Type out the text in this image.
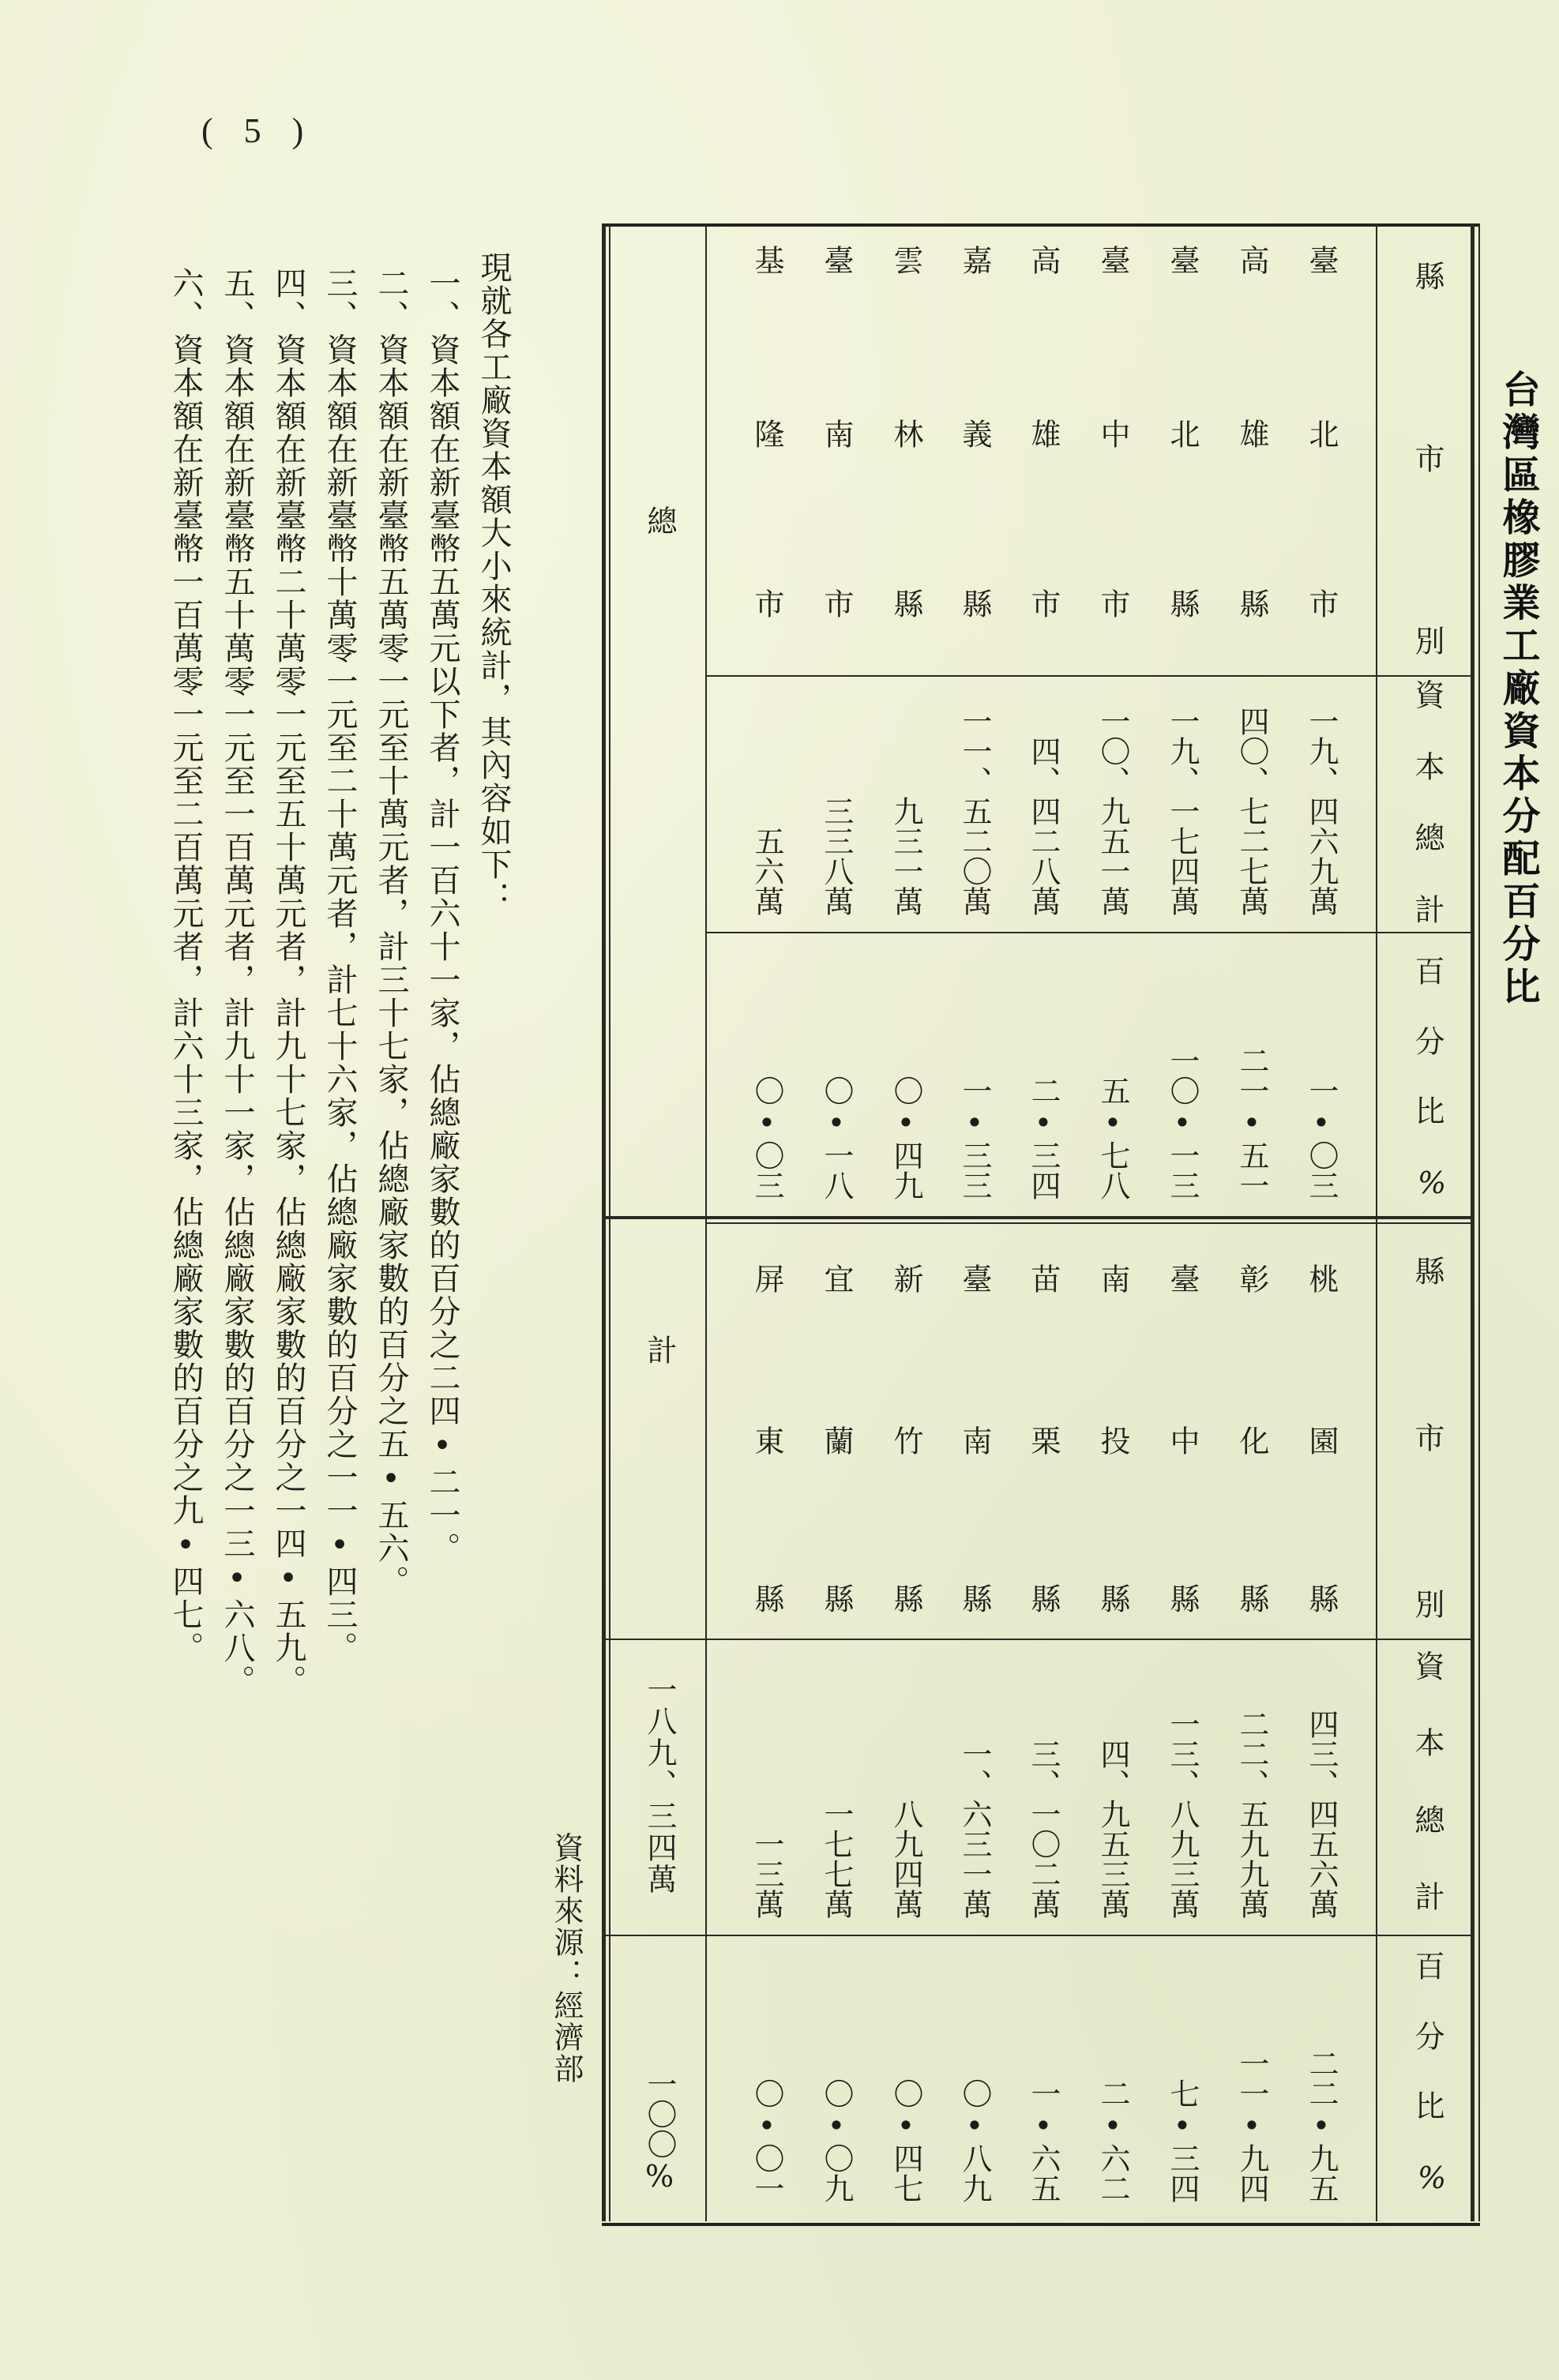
( 5 )
台灣區橡膠業工廠資本分配百分比
縣
市
別
資
本
總
計
百
分
比
%
縣
市
別
資
本
總
計
百
分
比
%
臺
北
市
一九、四六九萬
一•〇三
高
雄
縣
四〇、七二七萬
二一•五一
臺
北
縣
一九、一七四萬
一〇•一三
臺
中
市
一〇、九五一萬
五•七八
高
雄
市
四、四二八萬
二•三四
嘉
義
縣
一一、五二〇萬
一•三三
雲
林
縣
九三一萬
〇•四九
臺
南
市
三三八萬
〇•一八
基
隆
市
五六萬
〇•〇三
桃
園
縣
四三、四五六萬
二二•九五
彰
化
縣
二二、五九九萬
一一•九四
臺
中
縣
一三、八九三萬
七•三四
南
投
縣
四、九五三萬
二•六二
苗
栗
縣
三、一〇二萬
一•六五
臺
南
縣
一、六三一萬
〇•八九
新
竹
縣
八九四萬
〇•四七
宜
蘭
縣
一七七萬
〇•〇九
屏
東
縣
一三萬
〇•〇一
總
計
一八九、三四萬
一〇〇%
資料來源：經濟部
現就各工廠資本額大小來統計，其內容如下：
一、資本額在新臺幣五萬元以下者，計一百六十一家，佔總廠家數的百分之二四•二一。
二、資本額在新臺幣五萬零一元至十萬元者，計三十七家，佔總廠家數的百分之五•五六。
三、資本額在新臺幣十萬零一元至二十萬元者，計七十六家，佔總廠家數的百分之一一•四三。
四、資本額在新臺幣二十萬零一元至五十萬元者，計九十七家，佔總廠家數的百分之一四•五九。
五、資本額在新臺幣五十萬零一元至一百萬元者，計九十一家，佔總廠家數的百分之一三•六八。
六、資本額在新臺幣一百萬零一元至二百萬元者，計六十三家，佔總廠家數的百分之九•四七。
